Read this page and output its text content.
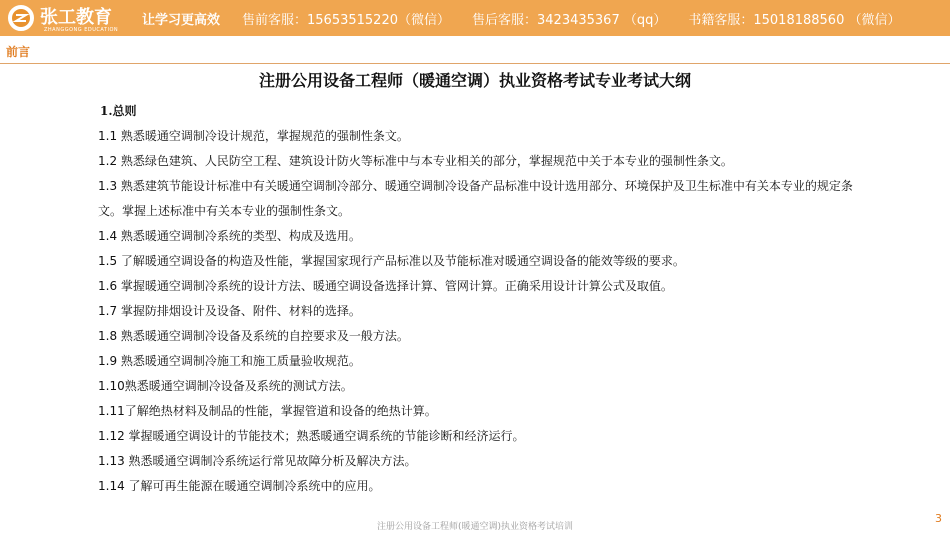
张工教育
ZHANGGONG EDUCATION
让学习更高效 售前客服：15653515220（微信） 售后客服：3423435367 （qq） 书籍客服：15018188560 （微信）
前言
注册公用设备工程师（暖通空调）执业资格考试专业考试大纲
1.总则
1.1 熟悉暖通空调制冷设计规范，掌握规范的强制性条文。
1.2 熟悉绿色建筑、人民防空工程、建筑设计防火等标准中与本专业相关的部分，掌握规范中关于本专业的强制性条文。
1.3 熟悉建筑节能设计标准中有关暖通空调制冷部分、暖通空调制冷设备产品标准中设计选用部分、环境保护及卫生标准中有关本专业的规定条文。掌握上述标准中有关本专业的强制性条文。
1.4 熟悉暖通空调制冷系统的类型、构成及选用。
1.5 了解暖通空调设备的构造及性能，掌握国家现行产品标准以及节能标准对暖通空调设备的能效等级的要求。
1.6 掌握暖通空调制冷系统的设计方法、暖通空调设备选择计算、管网计算。正确采用设计计算公式及取值。
1.7 掌握防排烟设计及设备、附件、材料的选择。
1.8 熟悉暖通空调制冷设备及系统的自控要求及一般方法。
1.9 熟悉暖通空调制冷施工和施工质量验收规范。
1.10熟悉暖通空调制冷设备及系统的测试方法。
1.11了解绝热材料及制品的性能，掌握管道和设备的绝热计算。
1.12 掌握暖通空调设计的节能技术；熟悉暖通空调系统的节能诊断和经济运行。
1.13 熟悉暖通空调制冷系统运行常见故障分析及解决方法。
1.14 了解可再生能源在暖通空调制冷系统中的应用。
注册公用设备工程师(暖通空调)执业资格考试培训
3
